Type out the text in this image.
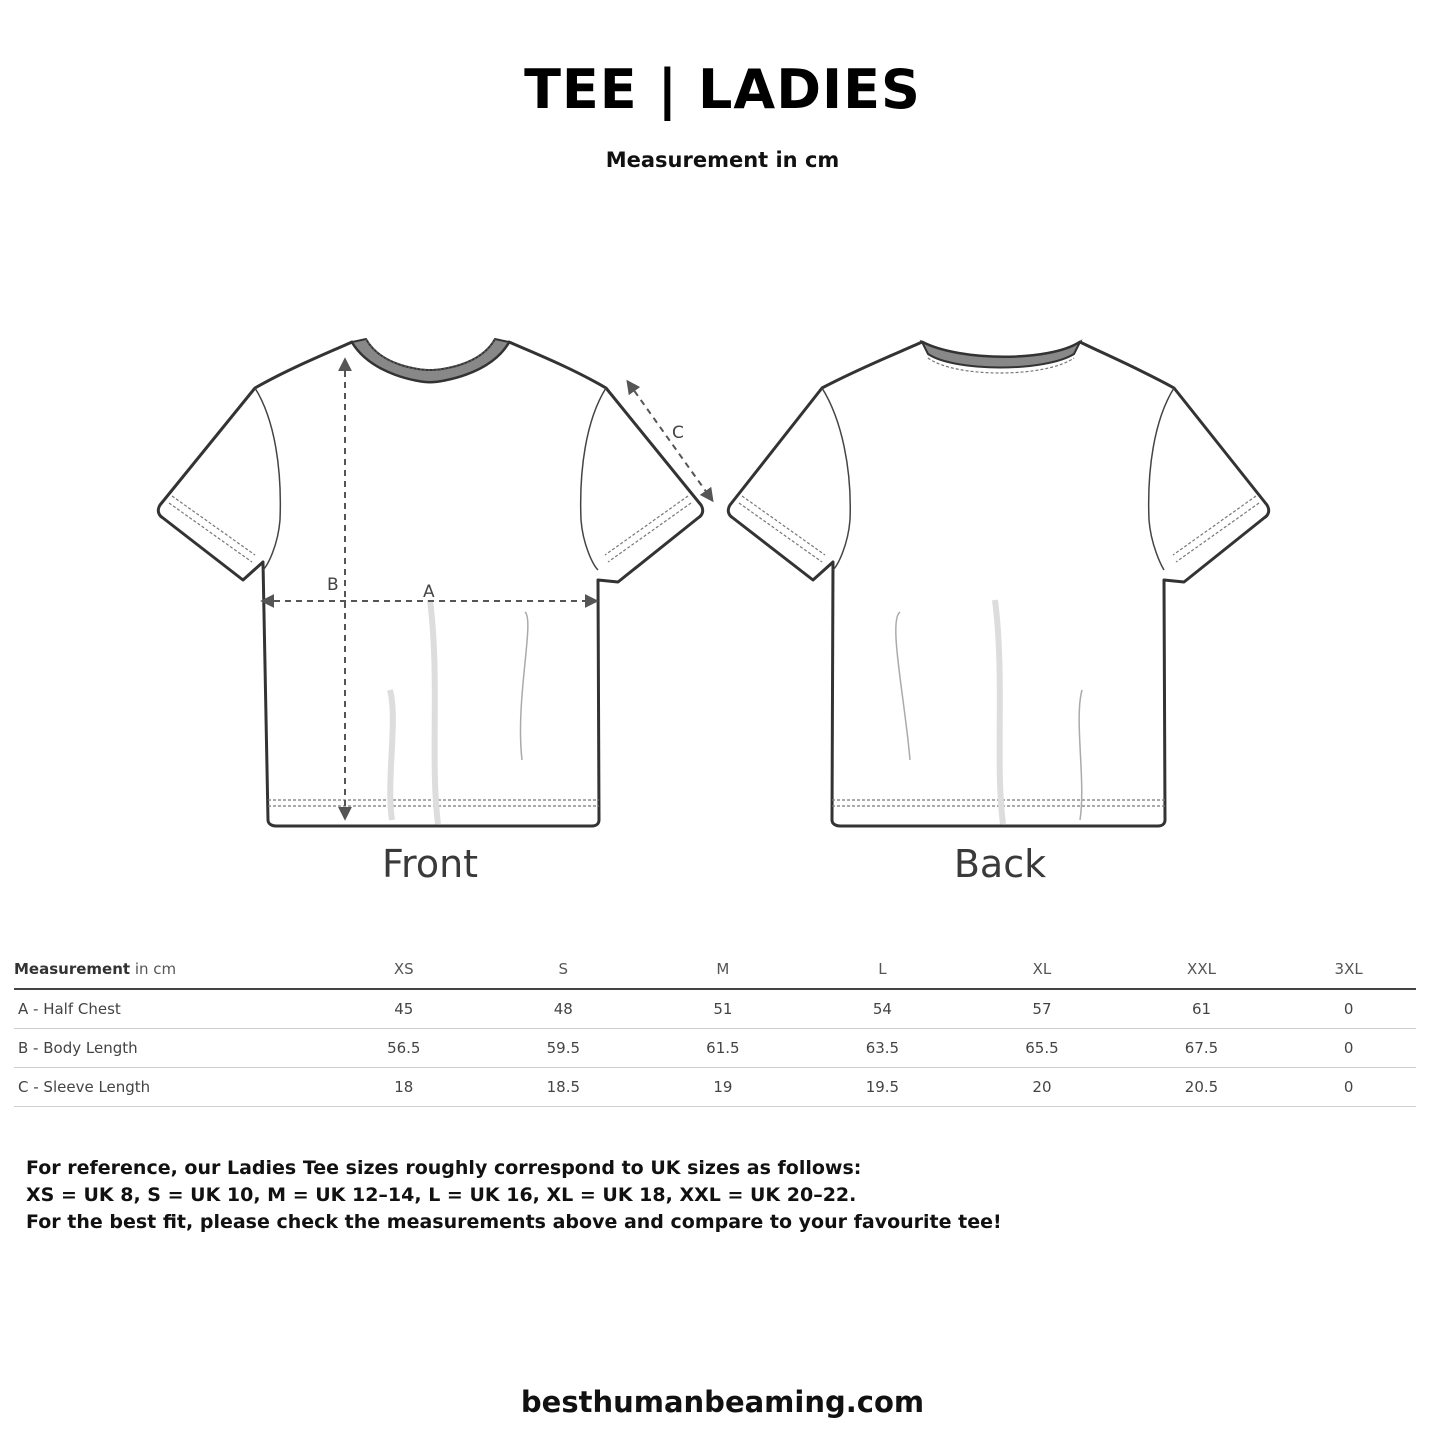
TEE | LADIES
Measurement in cm
B	A
C
Front	Back
Measurement in cm	XS	S	M	L	XL	XXL	3XL
A - Half Chest	45	48	51	54	57	61	0
B - Body Length	56.5	59.5	61.5	63.5	65.5	67.5	0
C - Sleeve Length	18	18.5	19	19.5	20	20.5	0
For reference, our Ladies Tee sizes roughly correspond to UK sizes as follows:
XS = UK 8, S = UK 10, M = UK 12–14, L = UK 16, XL = UK 18, XXL = UK 20–22.
For the best fit, please check the measurements above and compare to your favourite tee!
besthumanbeaming.com
